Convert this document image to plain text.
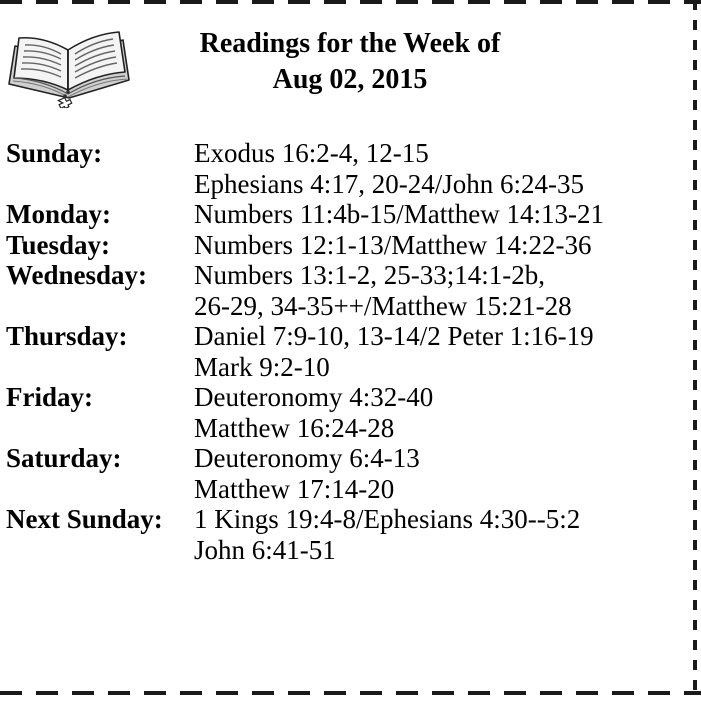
Readings for the Week of
Aug 02, 2015
Sunday:	Exodus 16:2-4, 12-15
Ephesians 4:17, 20-24/John 6:24-35
Monday:	Numbers 11:4b-15/Matthew 14:13-21
Tuesday:	Numbers 12:1-13/Matthew 14:22-36
Wednesday:	Numbers 13:1-2, 25-33;14:1-2b,
26-29, 34-35++/Matthew 15:21-28
Thursday:	Daniel 7:9-10, 13-14/2 Peter 1:16-19
Mark 9:2-10
Friday:	Deuteronomy 4:32-40
Matthew 16:24-28
Saturday:	Deuteronomy 6:4-13
Matthew 17:14-20
Next Sunday:	1 Kings 19:4-8/Ephesians 4:30--5:2
John 6:41-51
